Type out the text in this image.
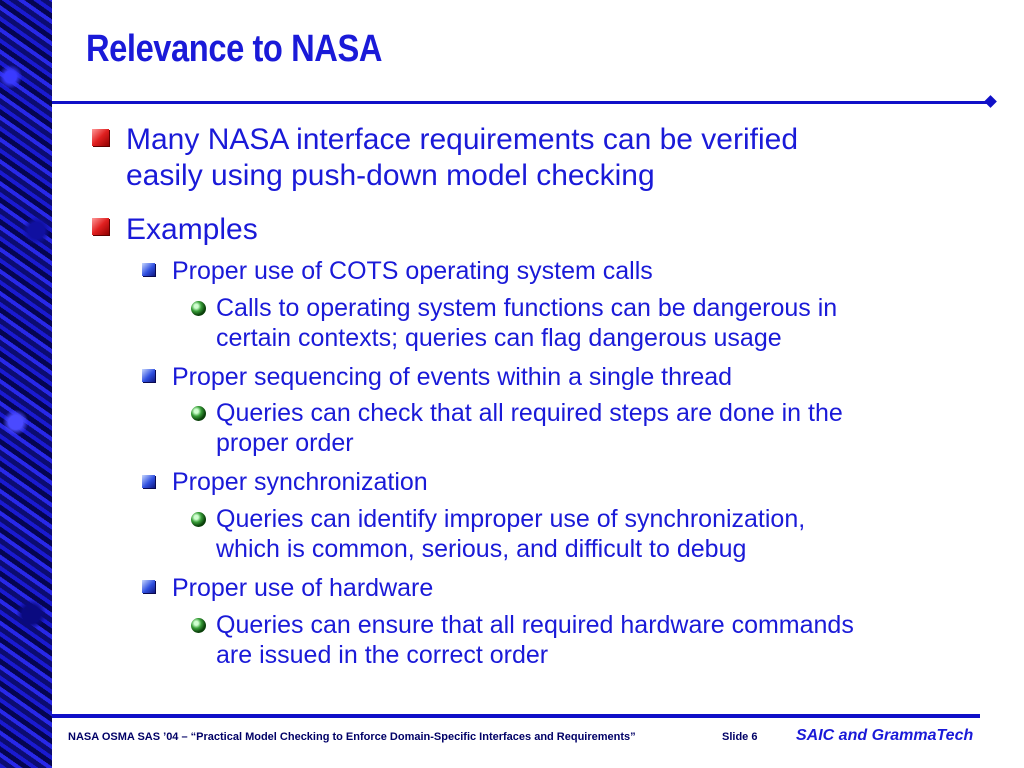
Relevance to NASA
Many NASA interface requirements can be verified
easily using push-down model checking
Examples
Proper use of COTS operating system calls
Calls to operating system functions can be dangerous in
certain contexts; queries can flag dangerous usage
Proper sequencing of events within a single thread
Queries can check that all required steps are done in the
proper order
Proper synchronization
Queries can identify improper use of synchronization,
which is common, serious, and difficult to debug
Proper use of hardware
Queries can ensure that all required hardware commands
are issued in the correct order
NASA OSMA SAS ’04 – “Practical Model Checking to Enforce Domain-Specific Interfaces and Requirements”	Slide 6 SAIC and GrammaTech
